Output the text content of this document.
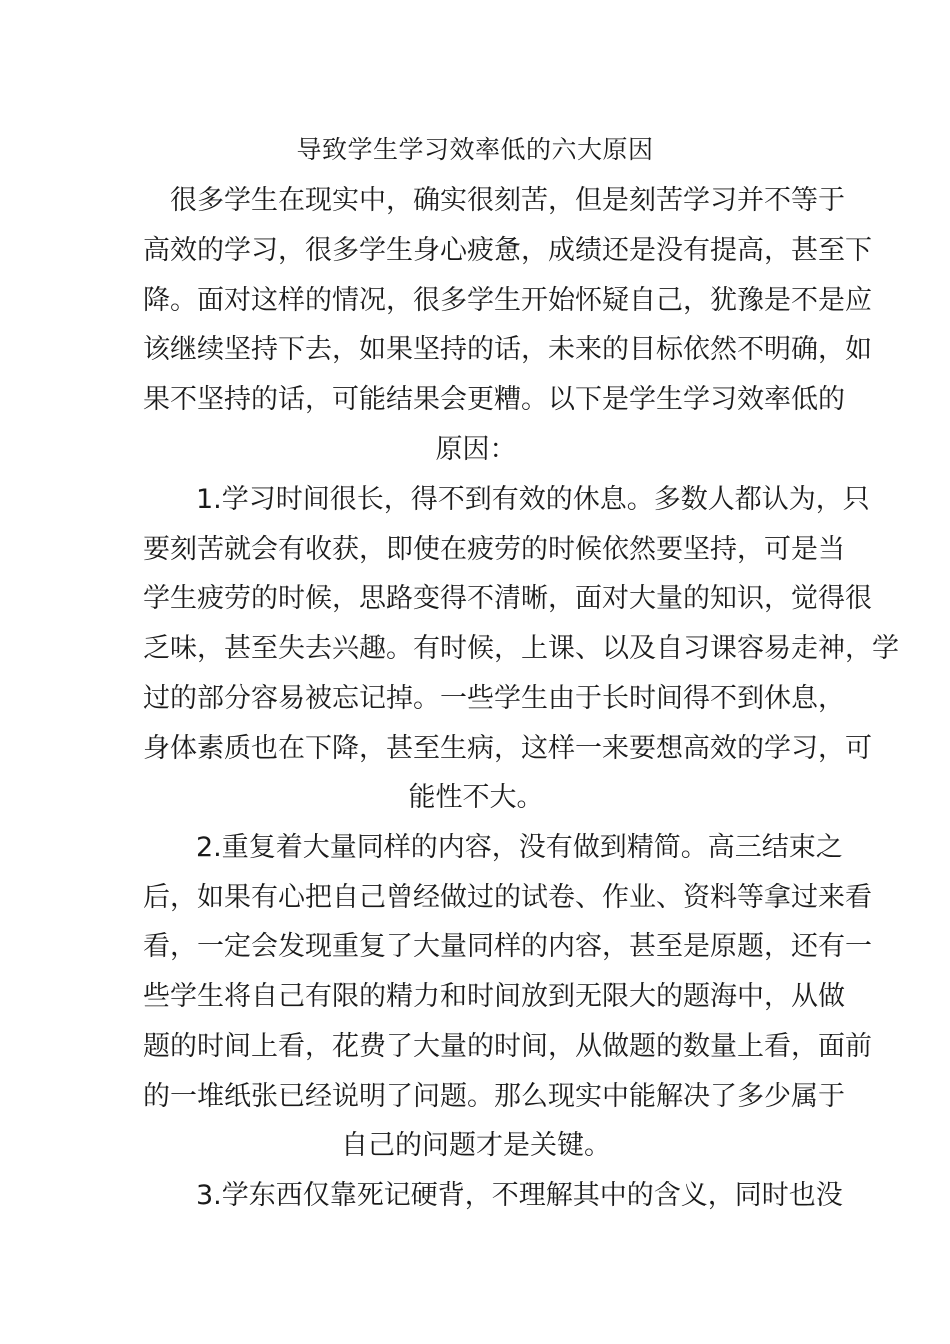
导致学生学习效率低的六大原因

很多学生在现实中，确实很刻苦，但是刻苦学习并不等于

高效的学习，很多学生身心疲惫，成绩还是没有提高，甚至下

降。面对这样的情况，很多学生开始怀疑自己，犹豫是不是应

该继续坚持下去，如果坚持的话，未来的目标依然不明确，如

果不坚持的话，可能结果会更糟。以下是学生学习效率低的

原因：

1.学习时间很长，得不到有效的休息。多数人都认为，只

要刻苦就会有收获，即使在疲劳的时候依然要坚持，可是当

学生疲劳的时候，思路变得不清晰，面对大量的知识，觉得很

乏味，甚至失去兴趣。有时候，上课、以及自习课容易走神，学

过的部分容易被忘记掉。一些学生由于长时间得不到休息，

身体素质也在下降，甚至生病，这样一来要想高效的学习，可

能性不大。

2.重复着大量同样的内容，没有做到精简。高三结束之

后，如果有心把自己曾经做过的试卷、作业、资料等拿过来看

看，一定会发现重复了大量同样的内容，甚至是原题，还有一

些学生将自己有限的精力和时间放到无限大的题海中，从做

题的时间上看，花费了大量的时间，从做题的数量上看，面前

的一堆纸张已经说明了问题。那么现实中能解决了多少属于

自己的问题才是关键。

3.学东西仅靠死记硬背，不理解其中的含义，同时也没
